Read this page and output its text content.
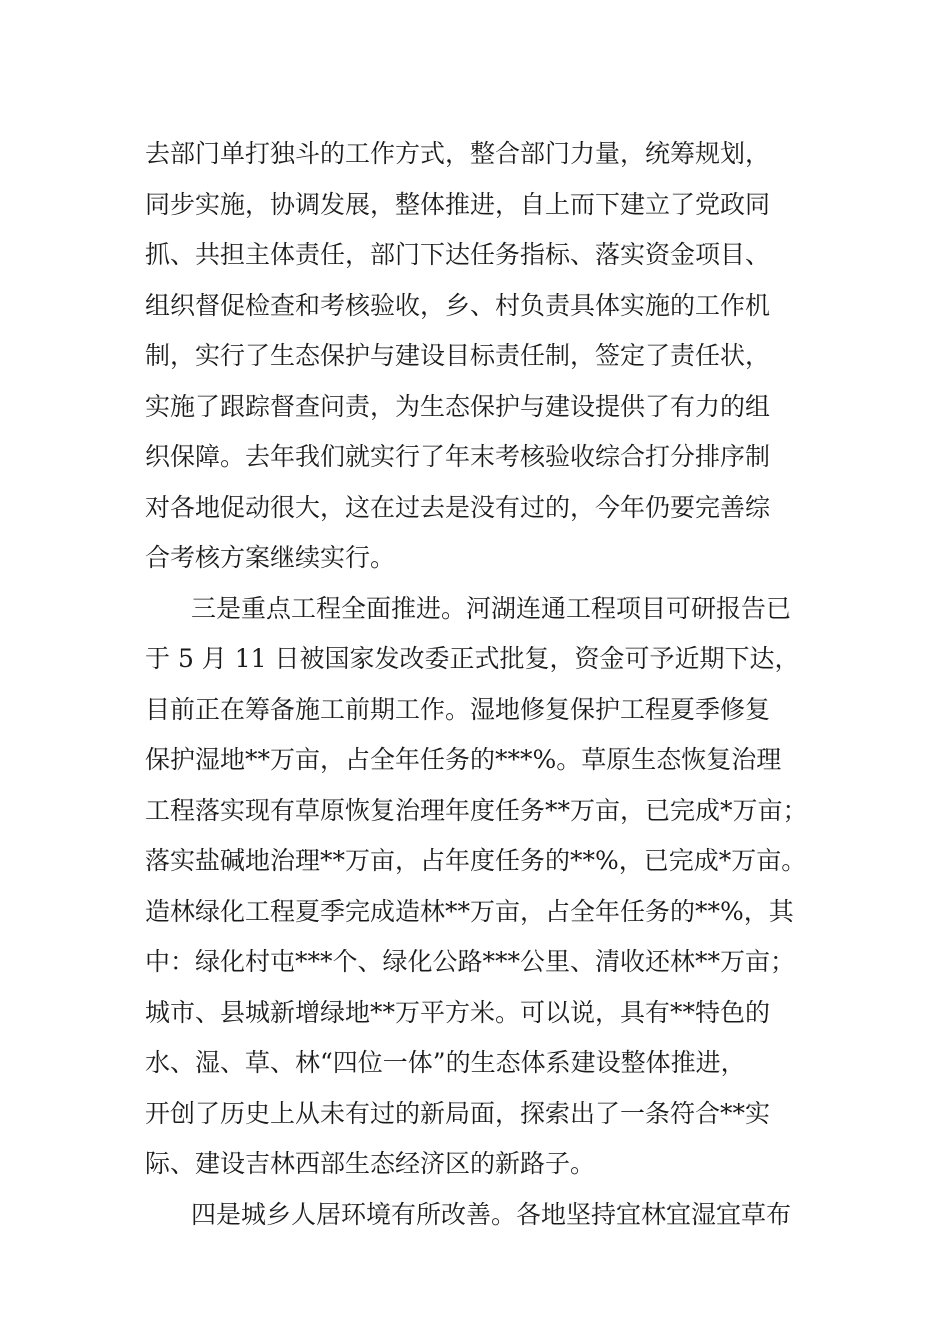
去部门单打独斗的工作方式，整合部门力量，统筹规划，
同步实施，协调发展，整体推进，自上而下建立了党政同
抓、共担主体责任，部门下达任务指标、落实资金项目、
组织督促检查和考核验收，乡、村负责具体实施的工作机
制，实行了生态保护与建设目标责任制，签定了责任状，
实施了跟踪督查问责，为生态保护与建设提供了有力的组
织保障。去年我们就实行了年末考核验收综合打分排序制
对各地促动很大，这在过去是没有过的，今年仍要完善综
合考核方案继续实行。
三是重点工程全面推进。河湖连通工程项目可研报告已
于 5 月 11 日被国家发改委正式批复，资金可予近期下达，
目前正在筹备施工前期工作。湿地修复保护工程夏季修复
保护湿地**万亩，占全年任务的***%。草原生态恢复治理
工程落实现有草原恢复治理年度任务**万亩，已完成*万亩；
落实盐碱地治理**万亩，占年度任务的**%，已完成*万亩。
造林绿化工程夏季完成造林**万亩，占全年任务的**%，其
中：绿化村屯***个、绿化公路***公里、清收还林**万亩；
城市、县城新增绿地**万平方米。可以说，具有**特色的
水、湿、草、林“四位一体”的生态体系建设整体推进，
开创了历史上从未有过的新局面，探索出了一条符合**实
际、建设吉林西部生态经济区的新路子。
四是城乡人居环境有所改善。各地坚持宜林宜湿宜草布
